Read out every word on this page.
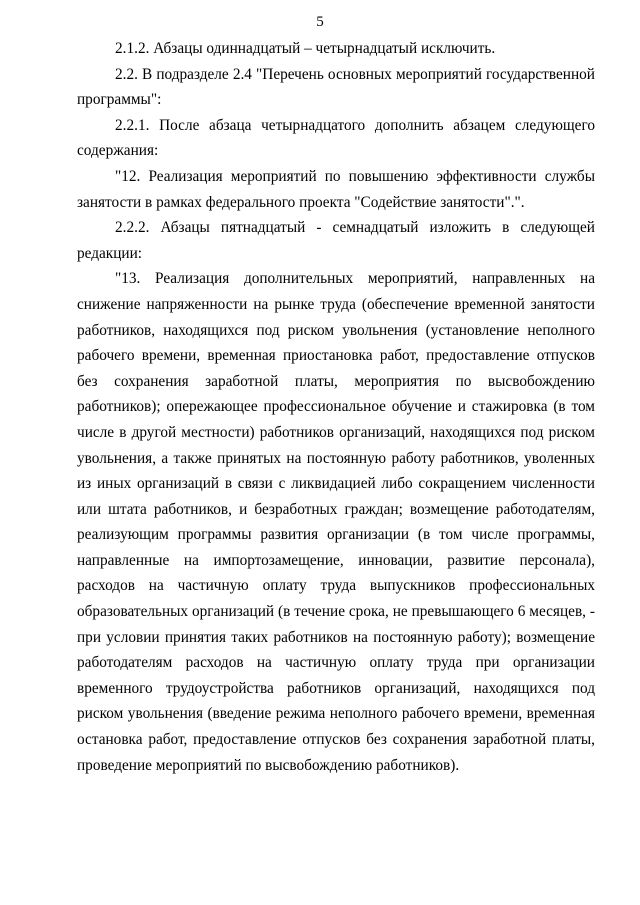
5

2.1.2. Абзацы одиннадцатый – четырнадцатый исключить.

2.2. В подразделе 2.4 "Перечень основных мероприятий государственной программы":

2.2.1. После абзаца четырнадцатого дополнить абзацем следующего содержания:

"12. Реализация мероприятий по повышению эффективности службы занятости в рамках федерального проекта "Содействие занятости".".

2.2.2. Абзацы пятнадцатый - семнадцатый изложить в следующей редакции:

"13. Реализация дополнительных мероприятий, направленных на снижение напряженности на рынке труда (обеспечение временной занятости работников, находящихся под риском увольнения (установление неполного рабочего времени, временная приостановка работ, предоставление отпусков без сохранения заработной платы, мероприятия по высвобождению работников); опережающее профессиональное обучение и стажировка (в том числе в другой местности) работников организаций, находящихся под риском увольнения, а также принятых на постоянную работу работников, уволенных из иных организаций в связи с ликвидацией либо сокращением численности или штата работников, и безработных граждан; возмещение работодателям, реализующим программы развития организации (в том числе программы, направленные на импортозамещение, инновации, развитие персонала), расходов на частичную оплату труда выпускников профессиональных образовательных организаций (в течение срока, не превышающего 6 месяцев, - при условии принятия таких работников на постоянную работу); возмещение работодателям расходов на частичную оплату труда при организации временного трудоустройства работников организаций, находящихся под риском увольнения (введение режима неполного рабочего времени, временная остановка работ, предоставление отпусков без сохранения заработной платы, проведение мероприятий по высвобождению работников).
